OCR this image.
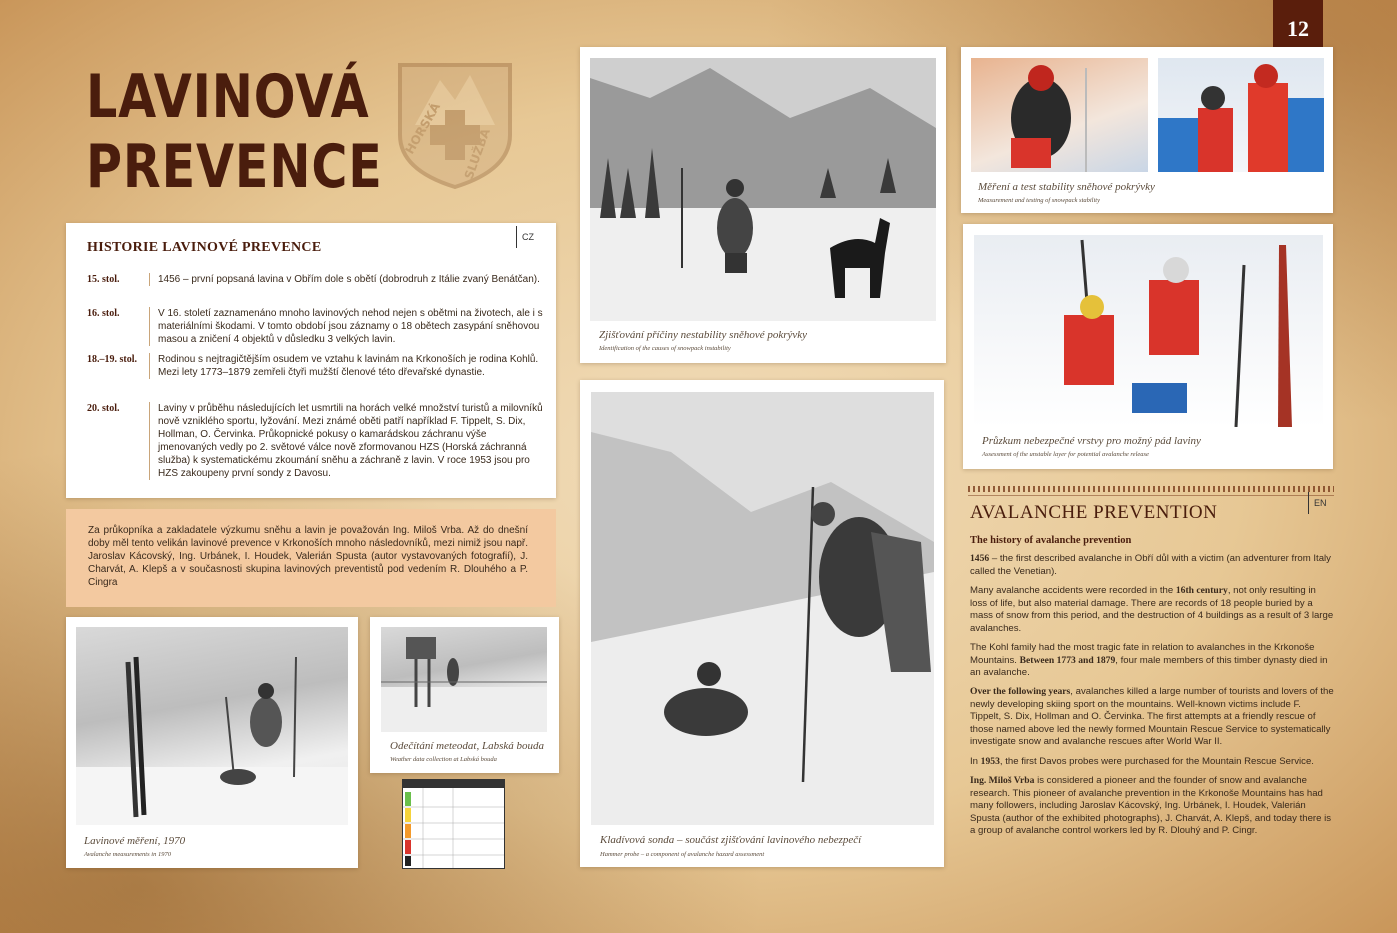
12
LAVINOVÁ
PREVENCE
HORSKÁ SLUŽBA
HISTORIE LAVINOVÉ PREVENCE
CZ
15. stol.	1456 – první popsaná lavina v Obřím dole s obětí (dobrodruh z Itálie zvaný Benátčan).
16. stol.	V 16. století zaznamenáno mnoho lavinových nehod nejen s obětmi na životech, ale i s materiálními škodami. V tomto období jsou záznamy o 18 obětech zasypání sněhovou masou a zničení 4 objektů v důsledku 3 velkých lavin.
18.–19. stol.	Rodinou s nejtragičtějším osudem ve vztahu k lavinám na Krkonoších je rodina Kohlů. Mezi lety 1773–1879 zemřeli čtyři mužští členové této dřevařské dynastie.
20. stol.	Laviny v průběhu následujících let usmrtili na horách velké množství turistů a milovníků nově vzniklého sportu, lyžování. Mezi známé oběti patří například F. Tippelt, S. Dix, Hollman, O. Červinka. Průkopnické pokusy o kamarádskou záchranu výše jmenovaných vedly po 2. světové válce nově zformovanou HZS (Horská záchranná služba) k systematickému zkoumání sněhu a záchraně z lavin. V roce 1953 jsou pro HZS zakoupeny první sondy z Davosu.

Za průkopníka a zakladatele výzkumu sněhu a lavin je považován Ing. Miloš Vrba. Až do dnešní doby měl tento velikán lavinové prevence v Krkonoších mnoho následovníků, mezi nimiž jsou např. Jaroslav Kácovský, Ing. Urbánek, I. Houdek, Valerián Spusta (autor vystavovaných fotografií), J. Charvát, A. Klepš a v současnosti skupina lavinových preventistů pod vedením R. Dlouhého a P. Cingra

Lavinové měření, 1970
Avalanche measurements in 1970
Odečítání meteodat, Labská bouda
Weather data collection at Labská bouda
Zjišťování příčiny nestability sněhové pokrývky
Identification of the causes of snowpack instability
Kladívová sonda – součást zjišťování lavinového nebezpečí
Hammer probe – a component of avalanche hazard assessment
Měření a test stability sněhové pokrývky
Measurement and testing of snowpack stability
Průzkum nebezpečné vrstvy pro možný pád laviny
Assessment of the unstable layer for potential avalanche release
AVALANCHE PREVENTION	EN
The history of avalanche prevention
1456 – the first described avalanche in Obří důl with a victim (an adventurer from Italy called the Venetian).
Many avalanche accidents were recorded in the 16th century, not only resulting in loss of life, but also material damage. There are records of 18 people buried by a mass of snow from this period, and the destruction of 4 buildings as a result of 3 large avalanches.
The Kohl family had the most tragic fate in relation to avalanches in the Krkonoše Mountains. Between 1773 and 1879, four male members of this timber dynasty died in an avalanche.
Over the following years, avalanches killed a large number of tourists and lovers of the newly developing skiing sport on the mountains. Well-known victims include F. Tippelt, S. Dix, Hollman and O. Červinka. The first attempts at a friendly rescue of those named above led the newly formed Mountain Rescue Service to systematically investigate snow and avalanche rescues after World War II.
In 1953, the first Davos probes were purchased for the Mountain Rescue Service.
Ing. Miloš Vrba is considered a pioneer and the founder of snow and avalanche research. This pioneer of avalanche prevention in the Krkonoše Mountains has had many followers, including Jaroslav Kácovský, Ing. Urbánek, I. Houdek, Valerián Spusta (author of the exhibited photographs), J. Charvát, A. Klepš, and today there is a group of avalanche control workers led by R. Dlouhý and P. Cingr.
